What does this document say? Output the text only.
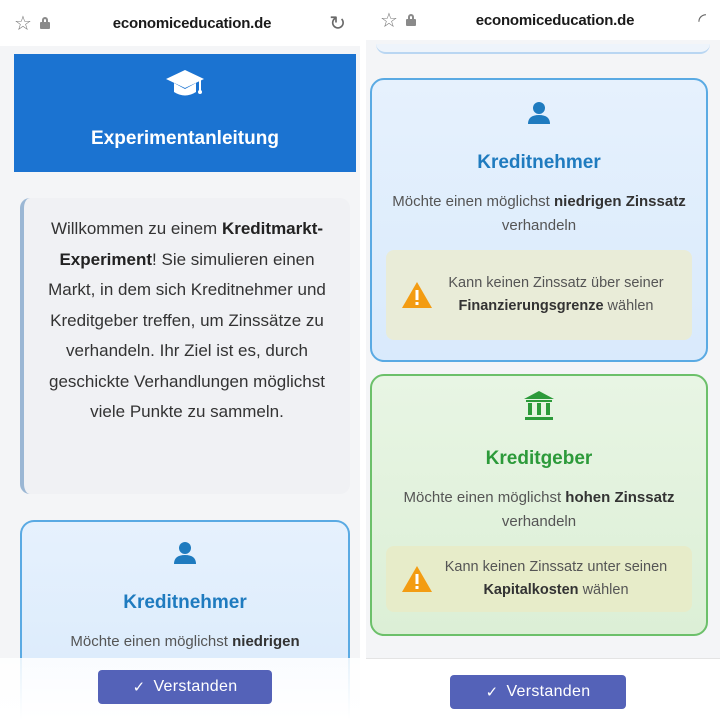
☆	economiceducation.de	↻
Experimentanleitung
Willkommen zu einem Kreditmarkt-Experiment! Sie simulieren einen Markt, in dem sich Kreditnehmer und Kreditgeber treffen, um Zinssätze zu verhandeln. Ihr Ziel ist es, durch geschickte Verhandlungen möglichst viele Punkte zu sammeln.
Kreditnehmer
Möchte einen möglichst niedrigen
✓ Verstanden
☆	economiceducation.de	◜
Kreditnehmer
Möchte einen möglichst niedrigen Zinssatz verhandeln
Kann keinen Zinssatz über seiner Finanzierungsgrenze wählen
Kreditgeber
Möchte einen möglichst hohen Zinssatz verhandeln
Kann keinen Zinssatz unter seinen Kapitalkosten wählen
✓ Verstanden
